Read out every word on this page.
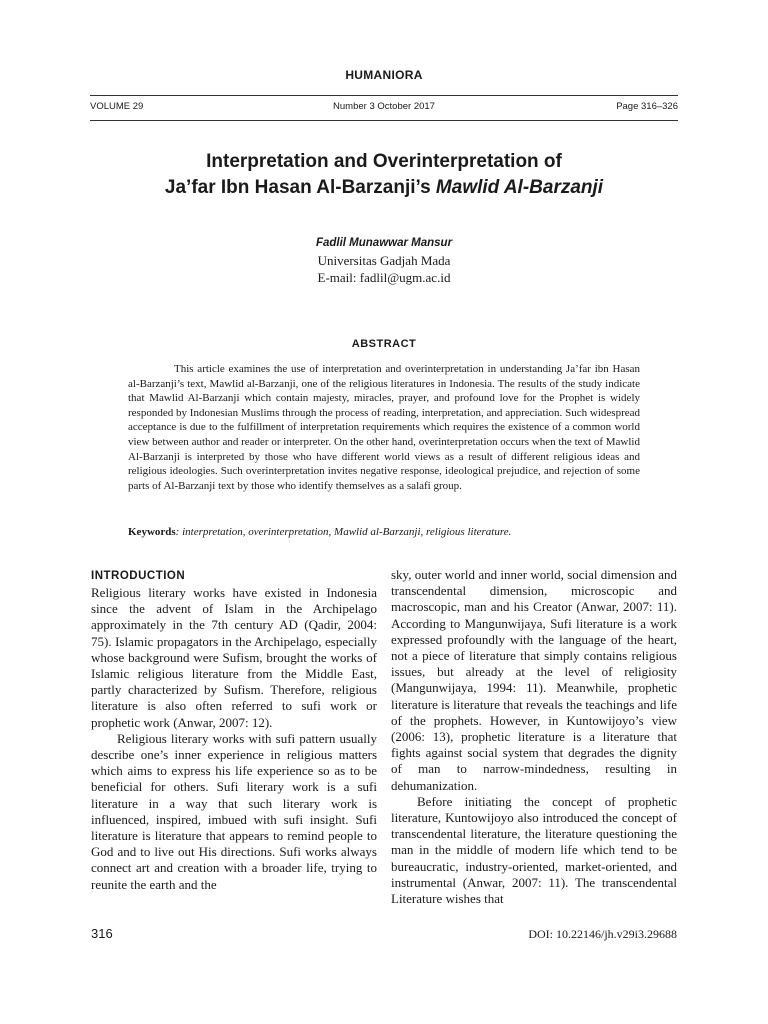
HUMANIORA
VOLUME 29	Number 3 October 2017	Page 316–326
Interpretation and Overinterpretation of
Ja’far Ibn Hasan Al-Barzanji’s Mawlid Al-Barzanji
Fadlil Munawwar Mansur
Universitas Gadjah Mada
E-mail: fadlil@ugm.ac.id
ABSTRACT
This article examines the use of interpretation and overinterpretation in understanding Ja’far ibn Hasan al-Barzanji’s text, Mawlid al-Barzanji, one of the religious literatures in Indonesia. The results of the study indicate that Mawlid Al-Barzanji which contain majesty, miracles, prayer, and profound love for the Prophet is widely responded by Indonesian Muslims through the process of reading, interpretation, and appreciation. Such widespread acceptance is due to the fulfillment of interpretation requirements which requires the existence of a common world view between author and reader or interpreter. On the other hand, overinterpretation occurs when the text of Mawlid Al-Barzanji is interpreted by those who have different world views as a result of different religious ideas and religious ideologies. Such overinterpretation invites negative response, ideological prejudice, and rejection of some parts of Al-Barzanji text by those who identify themselves as a salafi group.
Keywords: interpretation, overinterpretation, Mawlid al-Barzanji, religious literature.
INTRODUCTION

Religious literary works have existed in Indonesia since the advent of Islam in the Archipelago approximately in the 7th century AD (Qadir, 2004: 75). Islamic propagators in the Archipelago, especially whose background were Sufism, brought the works of Islamic religious literature from the Middle East, partly characterized by Sufism. Therefore, religious literature is also often referred to sufi work or prophetic work (Anwar, 2007: 12).

Religious literary works with sufi pattern usually describe one’s inner experience in religious matters which aims to express his life experience so as to be beneficial for others. Sufi literary work is a sufi literature in a way that such literary work is influenced, inspired, imbued with sufi insight. Sufi literature is literature that appears to remind people to God and to live out His directions. Sufi works always connect art and creation with a broader life, trying to reunite the earth and the

sky, outer world and inner world, social dimension and transcendental dimension, microscopic and macroscopic, man and his Creator (Anwar, 2007: 11). According to Mangunwijaya, Sufi literature is a work expressed profoundly with the language of the heart, not a piece of literature that simply contains religious issues, but already at the level of religiosity (Mangunwijaya, 1994: 11). Meanwhile, prophetic literature is literature that reveals the teachings and life of the prophets. However, in Kuntowijoyo’s view (2006: 13), prophetic literature is a literature that fights against social system that degrades the dignity of man to narrow-mindedness, resulting in dehumanization.

Before initiating the concept of prophetic literature, Kuntowijoyo also introduced the concept of transcendental literature, the literature questioning the man in the middle of modern life which tend to be bureaucratic, industry-oriented, market-oriented, and instrumental (Anwar, 2007: 11). The transcendental Literature wishes that

316	DOI: 10.22146/jh.v29i3.29688
